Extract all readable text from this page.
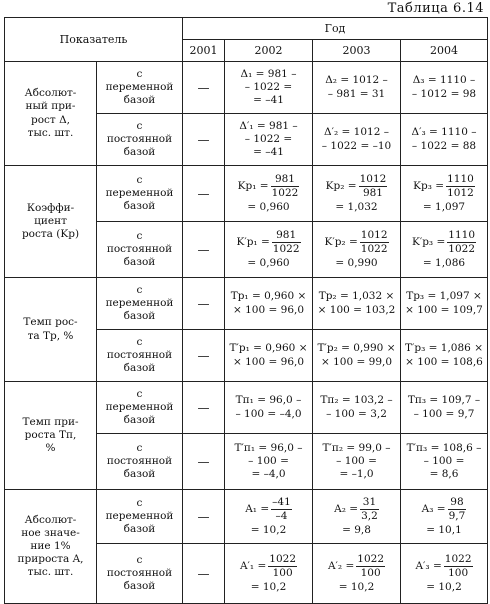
Таблица 6.14
Показатель		Год			
		2001	2002	2003	2004
Абсолют-
ный при-
рост Δ,
тыс. шт.	с
переменной
базой	—	Δ₁ = 981 –
– 1022 =
= –41	Δ₂ = 1012 –
– 981 = 31	Δ₃ = 1110 –
– 1012 = 98
	с
постоянной
базой	—	Δ′₁ = 981 –
– 1022 =
= –41	Δ′₂ = 1012 –
– 1022 = –10	Δ′₃ = 1110 –
– 1022 = 88
Коэффи-
циент
роста (Kр)	с
переменной
базой	—	$Kр_1 = \frac{981}{1022}$
= 0,960	$Kр_2 = \frac{1012}{981}$
= 1,032	$Kр_3 = \frac{1110}{1012}$
= 1,097

	с
постоянной
базой	—	$K'р_1 = \frac{981}{1022}$
= 0,960	$K'р_2 = \frac{1012}{1022}$
= 0,990	$K'р_3 = \frac{1110}{1022}$
= 1,086

Темп рос-
та Tр, %	с
переменной
базой	—	Tр₁ = 0,960 ×
× 100 = 96,0	Tр₂ = 1,032 ×
× 100 = 103,2	Tр₃ = 1,097 ×
× 100 = 109,7
	с
постоянной
базой	—	T′р₁ = 0,960 ×
× 100 = 96,0	T′р₂ = 0,990 ×
× 100 = 99,0	T′р₃ = 1,086 ×
× 100 = 108,6
Темп при-
роста Tп,
%	с
переменной
базой	—	Tп₁ = 96,0 –
– 100 = –4,0	Tп₂ = 103,2 –
– 100 = 3,2	Tп₃ = 109,7 –
– 100 = 9,7
	с
постоянной
базой	—	T′п₁ = 96,0 –
– 100 =
= –4,0	T′п₂ = 99,0 –
– 100 =
= –1,0	T′п₃ = 108,6 –
– 100 =
= 8,6
Абсолют-
ное значе-
ние 1%
прироста A,
тыс. шт.	с
переменной
базой	—	$A_1 = \frac{-41}{-4}$
= 10,2	$A_2 = \frac{31}{3,2}$
= 9,8	$A_3 = \frac{98}{9,7}$
= 10,1

	с
постоянной
базой	—	$A'_1 = \frac{1022}{100}$
= 10,2	$A'_2 = \frac{1022}{100}$
= 10,2	$A'_3 = \frac{1022}{100}$
= 10,2
